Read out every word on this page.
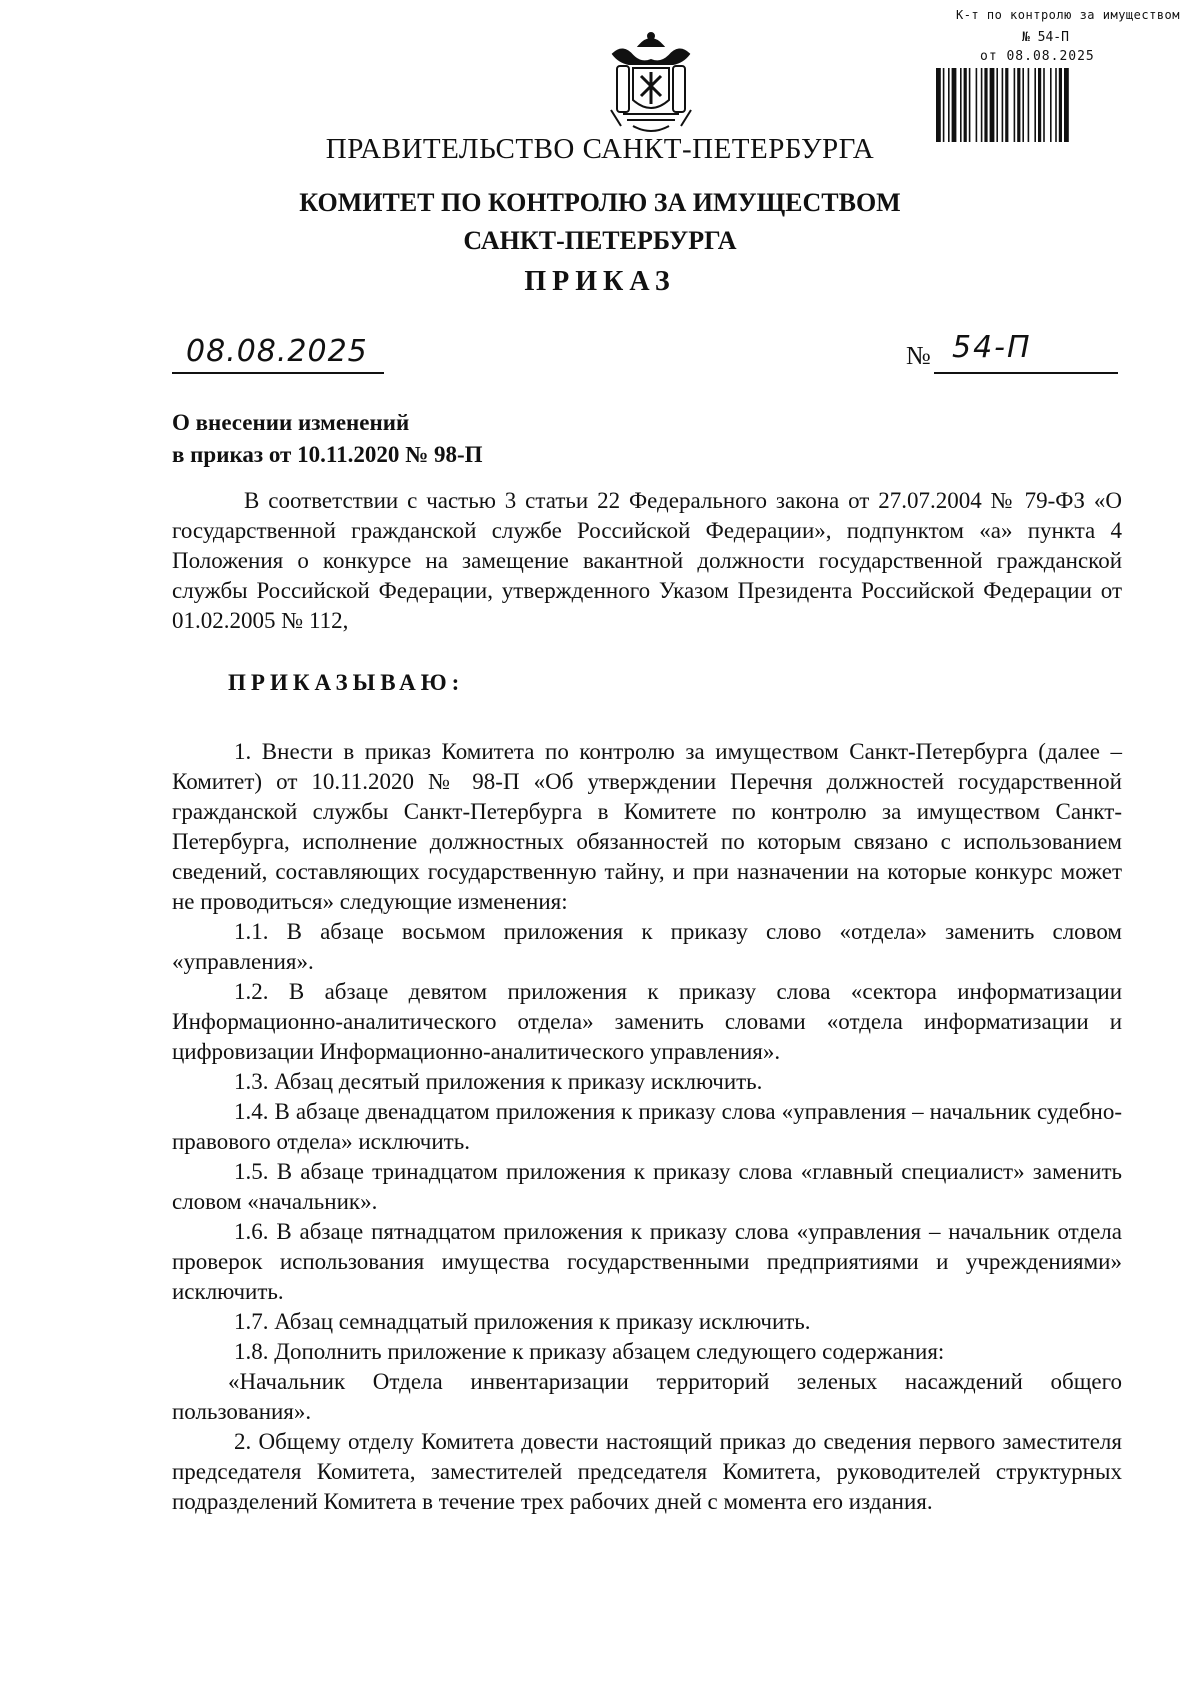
К-т по контролю за имуществом
№ 54-П
от 08.08.2025
ПРАВИТЕЛЬСТВО САНКТ-ПЕТЕРБУРГА
КОМИТЕТ ПО КОНТРОЛЮ ЗА ИМУЩЕСТВОМ
САНКТ-ПЕТЕРБУРГА
ПРИКАЗ
08.08.2025	№ 54-П
О внесении изменений
в приказ от 10.11.2020 № 98-П

В соответствии с частью 3 статьи 22 Федерального закона от 27.07.2004 № 79-ФЗ «О государственной гражданской службе Российской Федерации», подпунктом «а» пункта 4 Положения о конкурсе на замещение вакантной должности государственной гражданской службы Российской Федерации, утвержденного Указом Президента Российской Федерации от 01.02.2005 № 112,

ПРИКАЗЫВАЮ:

1. Внести в приказ Комитета по контролю за имуществом Санкт-Петербурга (далее – Комитет) от 10.11.2020 № 98-П «Об утверждении Перечня должностей государственной гражданской службы Санкт-Петербурга в Комитете по контролю за имуществом Санкт-Петербурга, исполнение должностных обязанностей по которым связано с использованием сведений, составляющих государственную тайну, и при назначении на которые конкурс может не проводиться» следующие изменения:

1.1. В абзаце восьмом приложения к приказу слово «отдела» заменить словом «управления».

1.2. В абзаце девятом приложения к приказу слова «сектора информатизации Информационно-аналитического отдела» заменить словами «отдела информатизации и цифровизации Информационно-аналитического управления».

1.3. Абзац десятый приложения к приказу исключить.

1.4. В абзаце двенадцатом приложения к приказу слова «управления – начальник судебно-правового отдела» исключить.

1.5. В абзаце тринадцатом приложения к приказу слова «главный специалист» заменить словом «начальник».

1.6. В абзаце пятнадцатом приложения к приказу слова «управления – начальник отдела проверок использования имущества государственными предприятиями и учреждениями» исключить.

1.7. Абзац семнадцатый приложения к приказу исключить.

1.8. Дополнить приложение к приказу абзацем следующего содержания:

«Начальник Отдела инвентаризации территорий зеленых насаждений общего пользования».

2. Общему отделу Комитета довести настоящий приказ до сведения первого заместителя председателя Комитета, заместителей председателя Комитета, руководителей структурных подразделений Комитета в течение трех рабочих дней с момента его издания.
